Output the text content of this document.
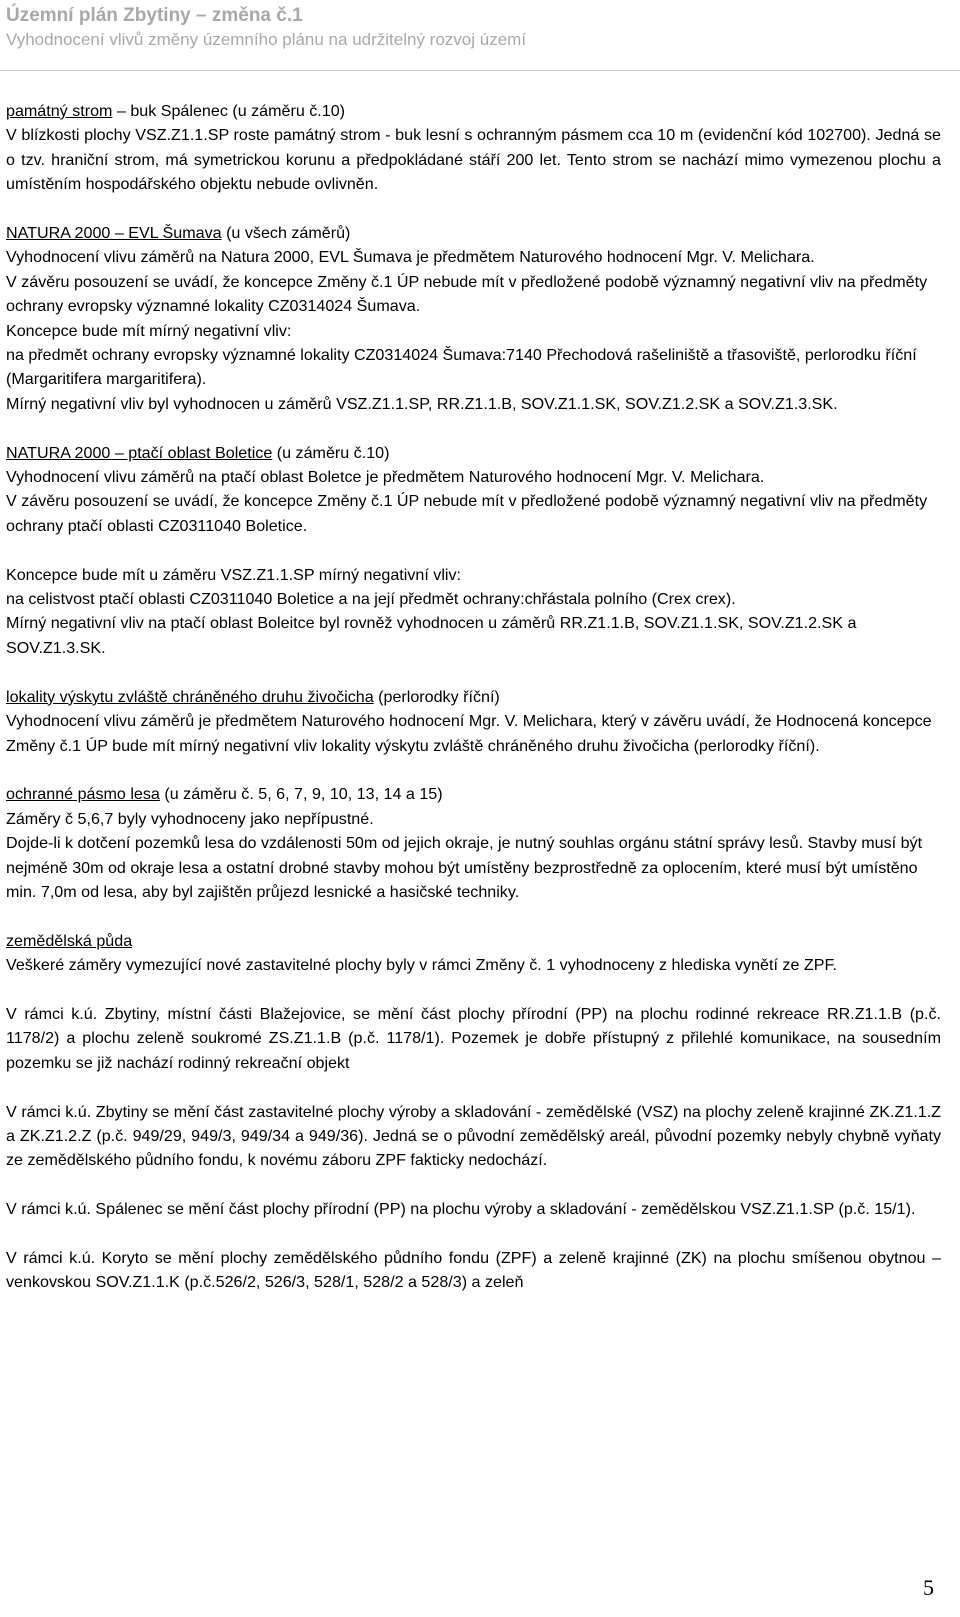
Územní plán Zbytiny – změna č.1
Vyhodnocení vlivů změny územního plánu na udržitelný rozvoj území

památný strom – buk Spálenec (u záměru č.10)

V blízkosti plochy VSZ.Z1.1.SP roste památný strom - buk lesní s ochranným pásmem cca 10 m (evidenční kód 102700). Jedná se o tzv. hraniční strom, má symetrickou korunu a předpokládané stáří 200 let. Tento strom se nachází mimo vymezenou plochu a umístěním hospodářského objektu nebude ovlivněn.

NATURA 2000 – EVL Šumava (u všech záměrů)

Vyhodnocení vlivu záměrů na Natura 2000, EVL Šumava je předmětem Naturového hodnocení Mgr. V. Melichara.

V závěru posouzení se uvádí, že koncepce Změny č.1 ÚP nebude mít v předložené podobě významný negativní vliv na předměty ochrany evropsky významné lokality CZ0314024 Šumava.

Koncepce bude mít mírný negativní vliv:

na předmět ochrany evropsky významné lokality CZ0314024 Šumava:7140 Přechodová rašeliniště a třasoviště, perlorodku říční (Margaritifera margaritifera).

Mírný negativní vliv byl vyhodnocen u záměrů VSZ.Z1.1.SP, RR.Z1.1.B, SOV.Z1.1.SK, SOV.Z1.2.SK a SOV.Z1.3.SK.

NATURA 2000 – ptačí oblast Boletice (u záměru č.10)

Vyhodnocení vlivu záměrů na ptačí oblast Boletce je předmětem Naturového hodnocení Mgr. V. Melichara.

V závěru posouzení se uvádí, že koncepce Změny č.1 ÚP nebude mít v předložené podobě významný negativní vliv na předměty ochrany ptačí oblasti CZ0311040 Boletice.

Koncepce bude mít u záměru VSZ.Z1.1.SP mírný negativní vliv:

na celistvost ptačí oblasti CZ0311040 Boletice a na její předmět ochrany:chřástala polního (Crex crex).

Mírný negativní vliv na ptačí oblast Boleitce byl rovněž vyhodnocen u záměrů RR.Z1.1.B, SOV.Z1.1.SK, SOV.Z1.2.SK a SOV.Z1.3.SK.

lokality výskytu zvláště chráněného druhu živočicha (perlorodky říční)

Vyhodnocení vlivu záměrů je předmětem Naturového hodnocení Mgr. V. Melichara, který v závěru uvádí, že Hodnocená koncepce Změny č.1 ÚP bude mít mírný negativní vliv lokality výskytu zvláště chráněného druhu živočicha (perlorodky říční).

ochranné pásmo lesa (u záměru č. 5, 6, 7, 9, 10, 13, 14 a 15)

Záměry č 5,6,7 byly vyhodnoceny jako nepřípustné.

Dojde-li k dotčení pozemků lesa do vzdálenosti 50m od jejich okraje, je nutný souhlas orgánu státní správy lesů. Stavby musí být nejméně 30m od okraje lesa a ostatní drobné stavby mohou být umístěny bezprostředně za oplocením, které musí být umístěno min. 7,0m od lesa, aby byl zajištěn průjezd lesnické a hasičské techniky.

zemědělská půda

Veškeré záměry vymezující nové zastavitelné plochy byly v rámci Změny č. 1 vyhodnoceny z hlediska vynětí ze ZPF.

V rámci k.ú. Zbytiny, místní části Blažejovice, se mění část plochy přírodní (PP) na plochu rodinné rekreace RR.Z1.1.B (p.č. 1178/2) a plochu zeleně soukromé ZS.Z1.1.B (p.č. 1178/1). Pozemek je dobře přístupný z přilehlé komunikace, na sousedním pozemku se již nachází rodinný rekreační objekt

V rámci k.ú. Zbytiny se mění část zastavitelné plochy výroby a skladování - zemědělské (VSZ) na plochy zeleně krajinné ZK.Z1.1.Z a ZK.Z1.2.Z (p.č. 949/29, 949/3, 949/34 a 949/36). Jedná se o původní zemědělský areál, původní pozemky nebyly chybně vyňaty ze zemědělského půdního fondu, k novému záboru ZPF fakticky nedochází.

V rámci k.ú. Spálenec se mění část plochy přírodní (PP) na plochu výroby a skladování - zemědělskou VSZ.Z1.1.SP (p.č. 15/1).

V rámci k.ú. Koryto se mění plochy zemědělského půdního fondu (ZPF) a zeleně krajinné (ZK) na plochu smíšenou obytnou – venkovskou SOV.Z1.1.K (p.č.526/2, 526/3, 528/1, 528/2 a 528/3) a zeleň

5
